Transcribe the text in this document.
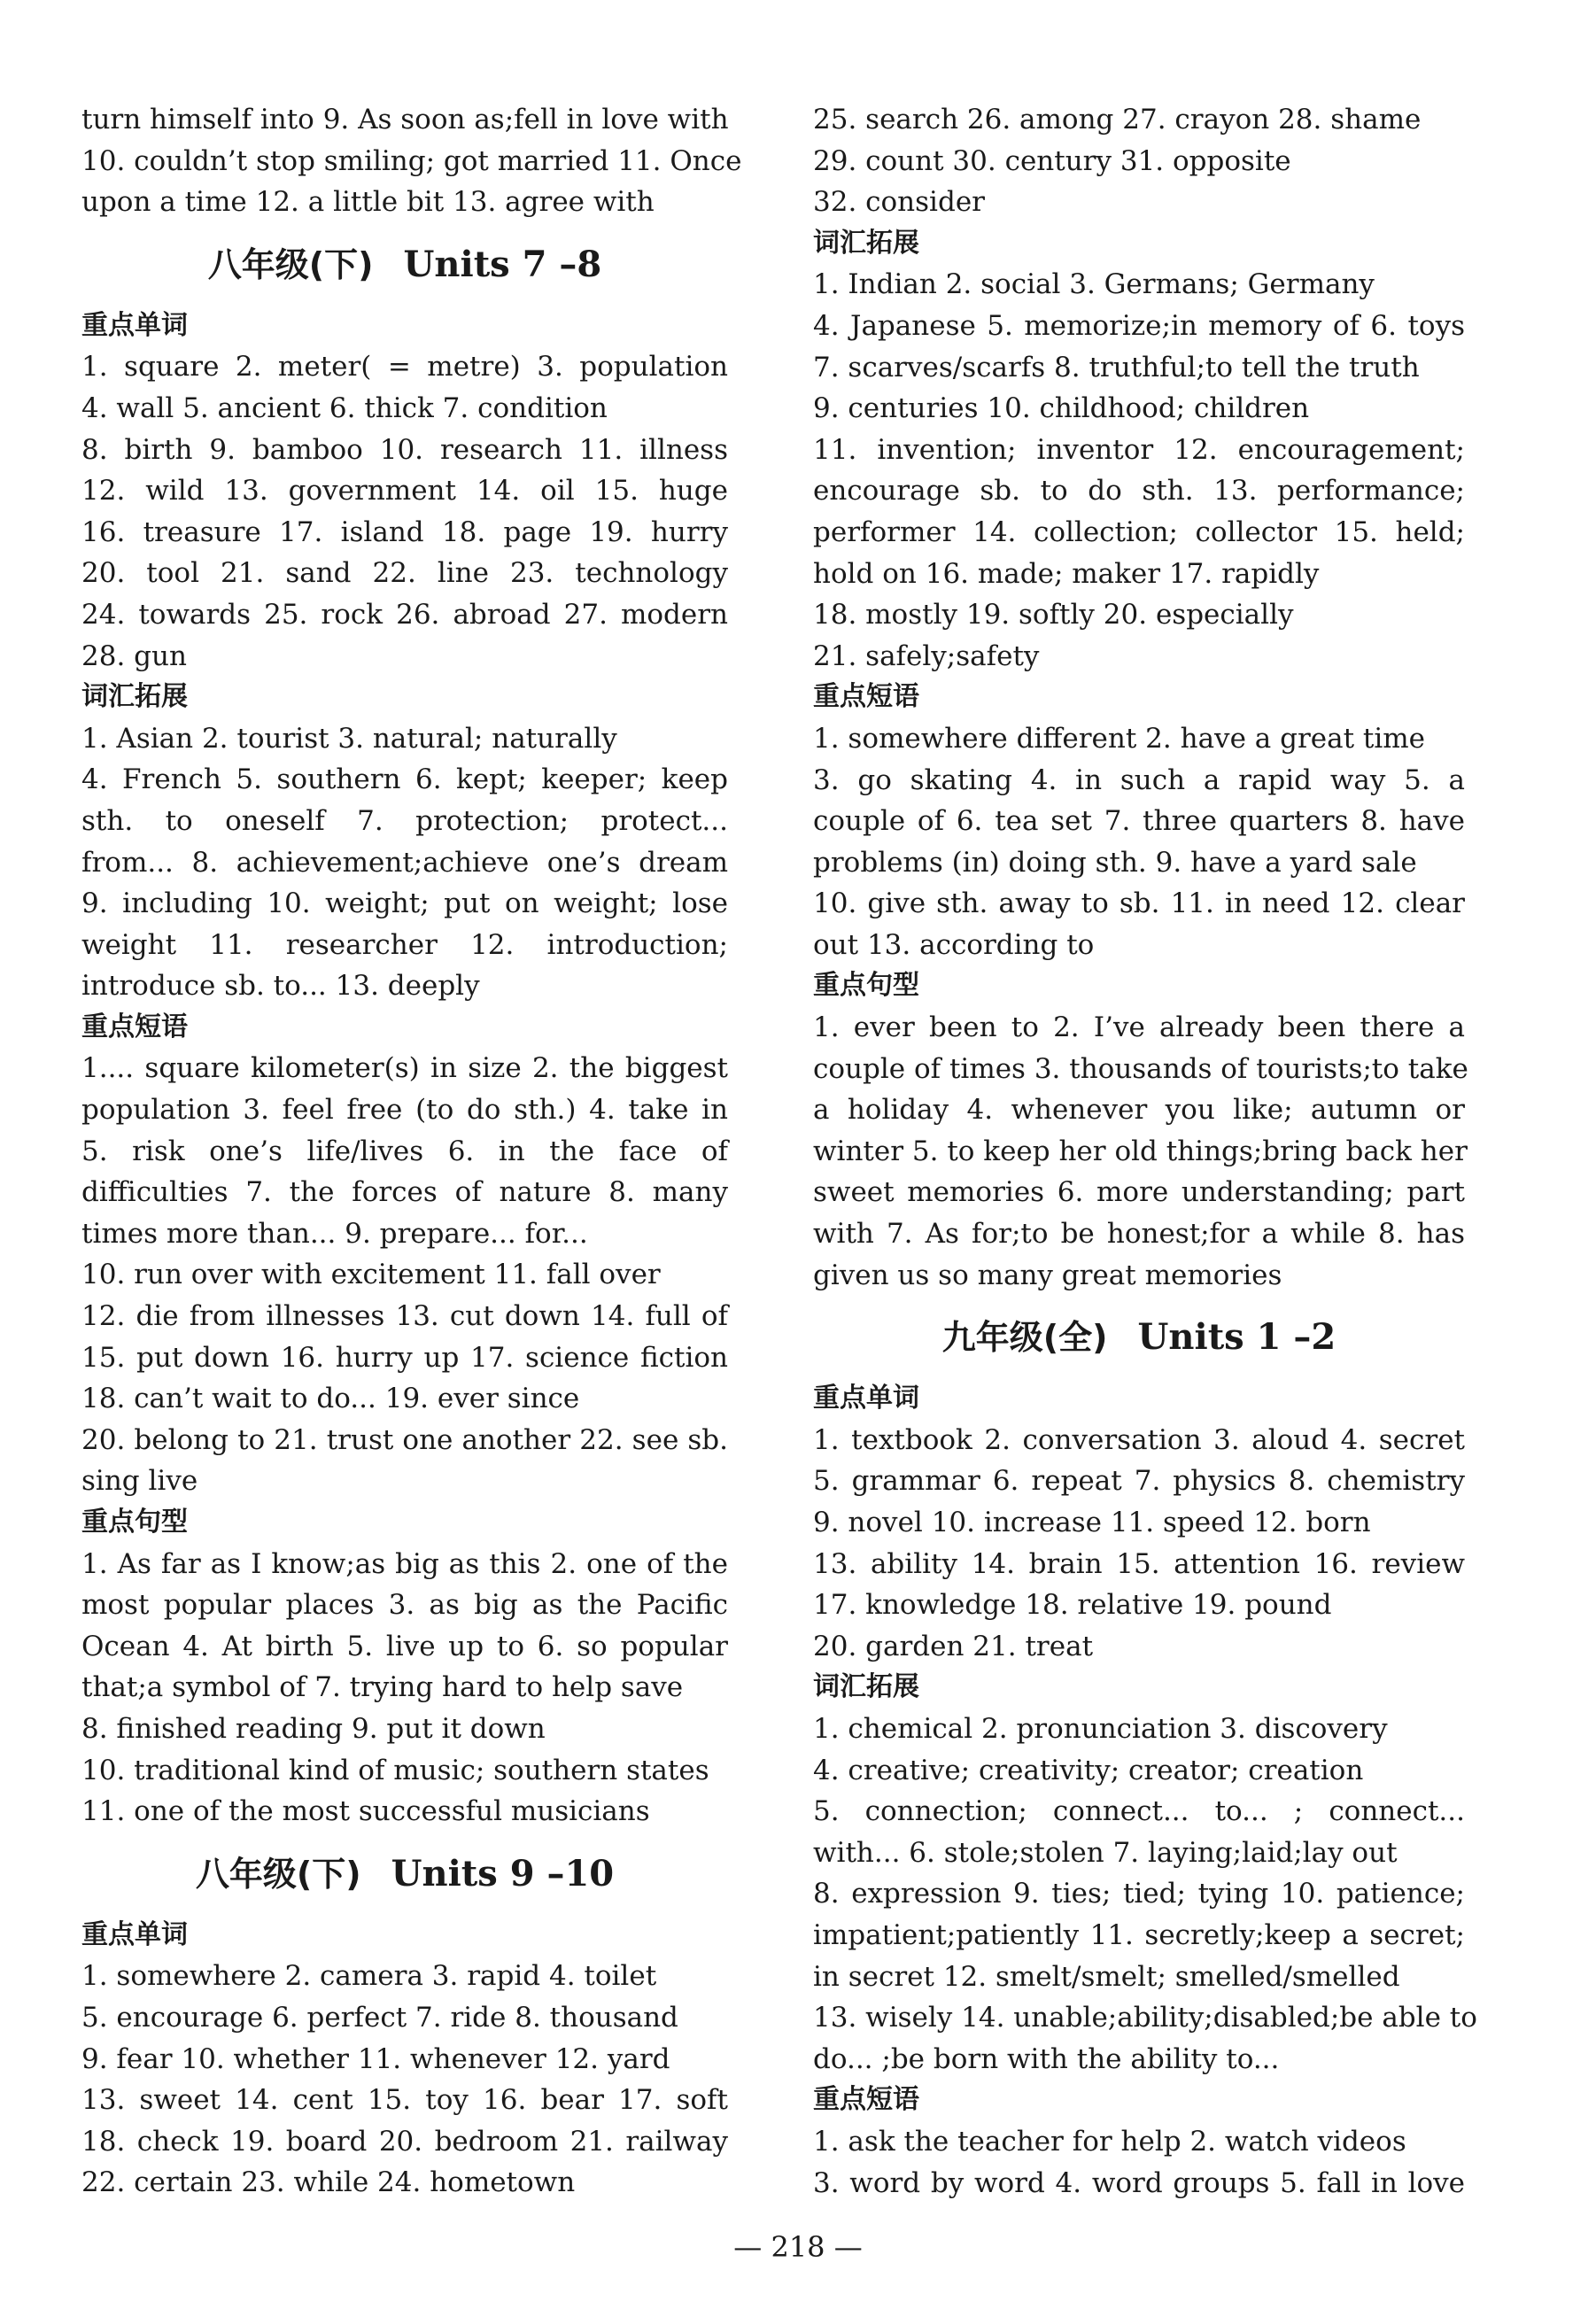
turn himself into 9. As soon as;fell in love with
10. couldn’t stop smiling; got married 11. Once
upon a time 12. a little bit 13. agree with
八年级(下) Units 7 –8
重点单词
1. square 2. meter( = metre) 3. population
4. wall 5. ancient 6. thick 7. condition
8. birth 9. bamboo 10. research 11. illness
12. wild 13. government 14. oil 15. huge
16. treasure 17. island 18. page 19. hurry
20. tool 21. sand 22. line 23. technology
24. towards 25. rock 26. abroad 27. modern
28. gun
词汇拓展
1. Asian 2. tourist 3. natural; naturally
4. French 5. southern 6. kept; keeper; keep
sth. to oneself 7. protection; protect...
from... 8. achievement;achieve one’s dream
9. including 10. weight; put on weight; lose
weight 11. researcher 12. introduction;
introduce sb. to... 13. deeply
重点短语
1.... square kilometer(s) in size 2. the biggest
population 3. feel free (to do sth.) 4. take in
5. risk one’s life/lives 6. in the face of
difficulties 7. the forces of nature 8. many
times more than... 9. prepare... for...
10. run over with excitement 11. fall over
12. die from illnesses 13. cut down 14. full of
15. put down 16. hurry up 17. science fiction
18. can’t wait to do... 19. ever since
20. belong to 21. trust one another 22. see sb.
sing live
重点句型
1. As far as I know;as big as this 2. one of the
most popular places 3. as big as the Pacific
Ocean 4. At birth 5. live up to 6. so popular
that;a symbol of 7. trying hard to help save
8. finished reading 9. put it down
10. traditional kind of music; southern states
11. one of the most successful musicians
八年级(下) Units 9 –10
重点单词
1. somewhere 2. camera 3. rapid 4. toilet
5. encourage 6. perfect 7. ride 8. thousand
9. fear 10. whether 11. whenever 12. yard
13. sweet 14. cent 15. toy 16. bear 17. soft
18. check 19. board 20. bedroom 21. railway
22. certain 23. while 24. hometown
25. search 26. among 27. crayon 28. shame
29. count 30. century 31. opposite
32. consider
词汇拓展
1. Indian 2. social 3. Germans; Germany
4. Japanese 5. memorize;in memory of 6. toys
7. scarves/scarfs 8. truthful;to tell the truth
9. centuries 10. childhood; children
11. invention; inventor 12. encouragement;
encourage sb. to do sth. 13. performance;
performer 14. collection; collector 15. held;
hold on 16. made; maker 17. rapidly
18. mostly 19. softly 20. especially
21. safely;safety
重点短语
1. somewhere different 2. have a great time
3. go skating 4. in such a rapid way 5. a
couple of 6. tea set 7. three quarters 8. have
problems (in) doing sth. 9. have a yard sale
10. give sth. away to sb. 11. in need 12. clear
out 13. according to
重点句型
1. ever been to 2. I’ve already been there a
couple of times 3. thousands of tourists;to take
a holiday 4. whenever you like; autumn or
winter 5. to keep her old things;bring back her
sweet memories 6. more understanding; part
with 7. As for;to be honest;for a while 8. has
given us so many great memories
九年级(全) Units 1 –2
重点单词
1. textbook 2. conversation 3. aloud 4. secret
5. grammar 6. repeat 7. physics 8. chemistry
9. novel 10. increase 11. speed 12. born
13. ability 14. brain 15. attention 16. review
17. knowledge 18. relative 19. pound
20. garden 21. treat
词汇拓展
1. chemical 2. pronunciation 3. discovery
4. creative; creativity; creator; creation
5. connection; connect... to... ; connect...
with... 6. stole;stolen 7. laying;laid;lay out
8. expression 9. ties; tied; tying 10. patience;
impatient;patiently 11. secretly;keep a secret;
in secret 12. smelt/smelt; smelled/smelled
13. wisely 14. unable;ability;disabled;be able to
do... ;be born with the ability to...
重点短语
1. ask the teacher for help 2. watch videos
3. word by word 4. word groups 5. fall in love
— 218 —
